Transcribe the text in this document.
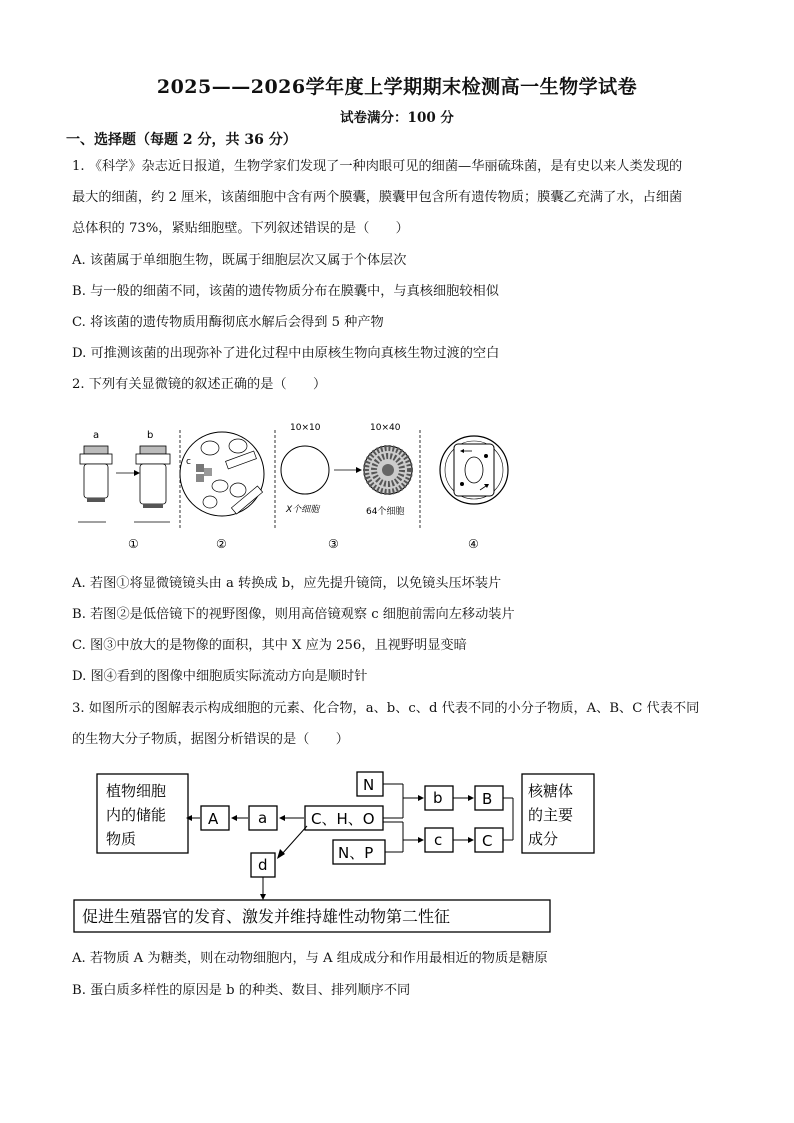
2025——2026学年度上学期期末检测高一生物学试卷
试卷满分：100 分
一、选择题（每题 2 分，共 36 分）
1. 《科学》杂志近日报道，生物学家们发现了一种肉眼可见的细菌—华丽硫珠菌，是有史以来人类发现的
最大的细菌，约 2 厘米，该菌细胞中含有两个膜囊，膜囊甲包含所有遗传物质；膜囊乙充满了水，占细菌
总体积的 73%，紧贴细胞壁。下列叙述错误的是（　　）
A. 该菌属于单细胞生物，既属于细胞层次又属于个体层次
B. 与一般的细菌不同，该菌的遗传物质分布在膜囊中，与真核细胞较相似
C. 将该菌的遗传物质用酶彻底水解后会得到 5 种产物
D. 可推测该菌的出现弥补了进化过程中由原核生物向真核生物过渡的空白
2. 下列有关显微镜的叙述正确的是（　　）
a	b
c
10×10
X个细胞
10×40
64个细胞
①	②	③	④
A. 若图①将显微镜镜头由 a 转换成 b，应先提升镜筒，以免镜头压坏装片
B. 若图②是低倍镜下的视野图像，则用高倍镜观察 c 细胞前需向左移动装片
C. 图③中放大的是物像的面积，其中 X 应为 256，且视野明显变暗
D. 图④看到的图像中细胞质实际流动方向是顺时针
3. 如图所示的图解表示构成细胞的元素、化合物，a、b、c、d 代表不同的小分子物质，A、B、C 代表不同
的生物大分子物质，据图分析错误的是（　　）
植物细胞
内的储能
物质
A	a	C、H、O
d
N
b	B
N、P
c	C
核糖体
的主要
成分
促进生殖器官的发育、激发并维持雄性动物第二性征
A. 若物质 A 为糖类，则在动物细胞内，与 A 组成成分和作用最相近的物质是糖原
B. 蛋白质多样性的原因是 b 的种类、数目、排列顺序不同
